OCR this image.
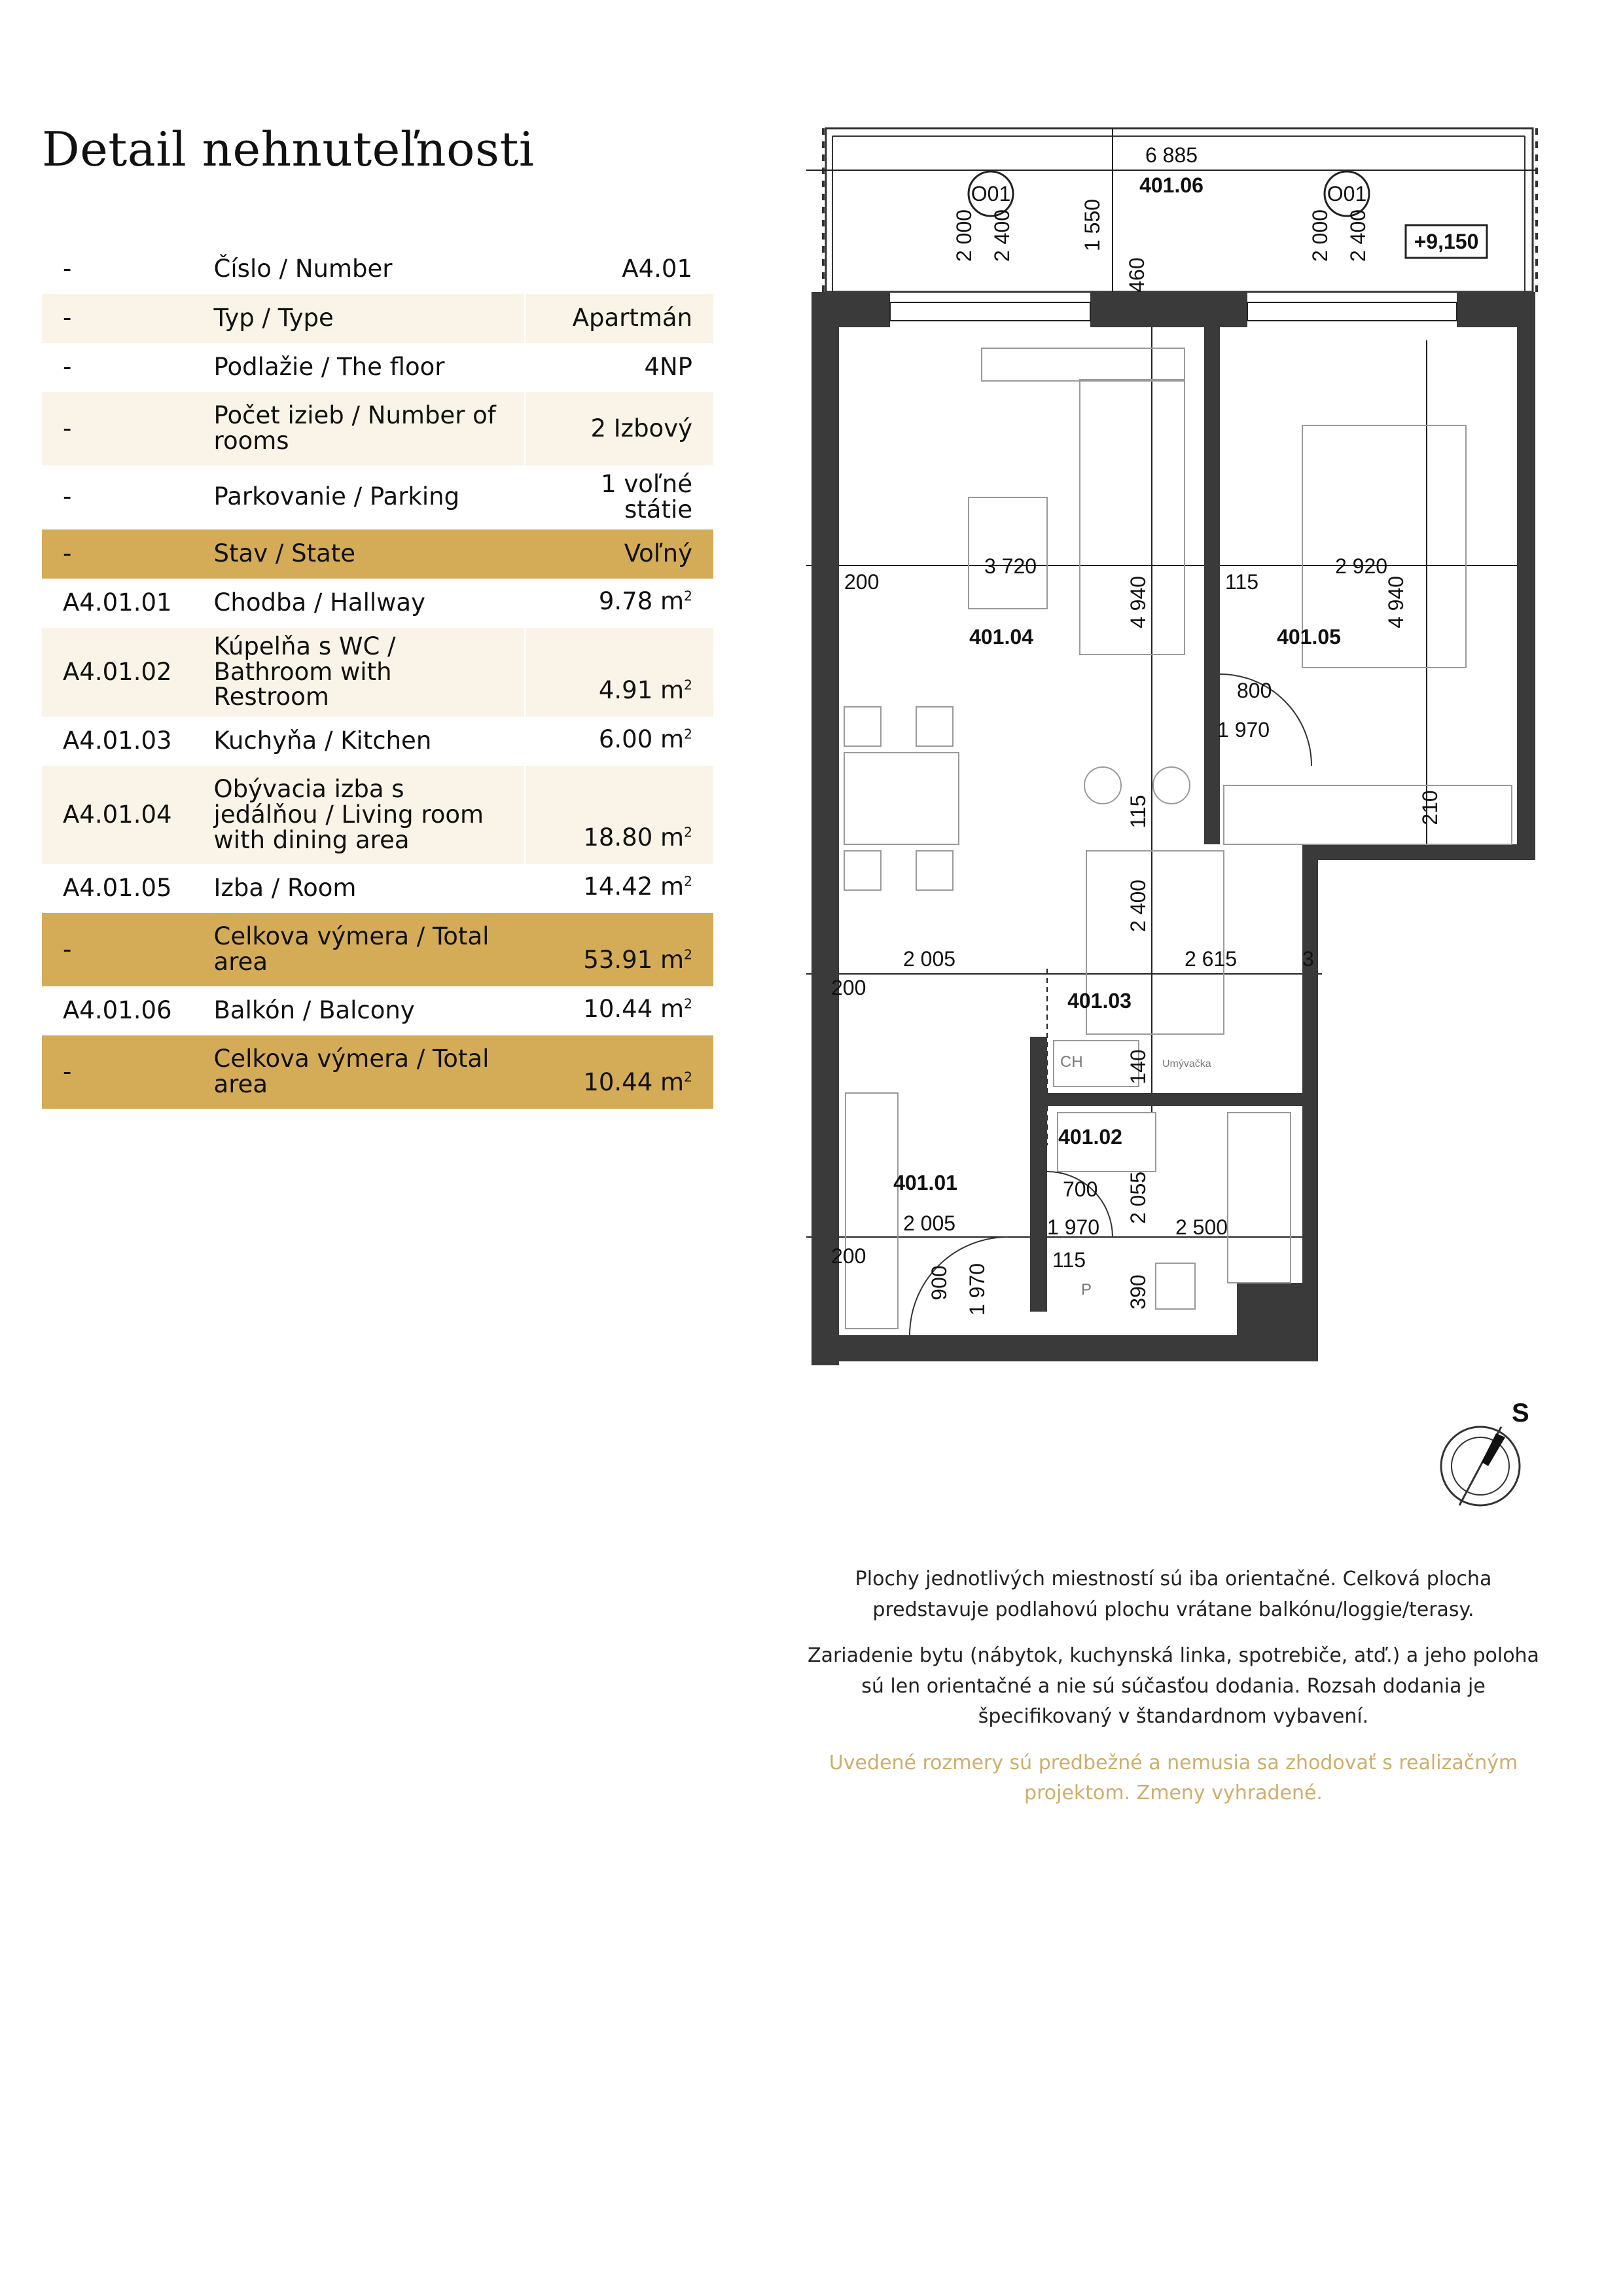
Detail nehnuteľnosti
-	Číslo / Number	A4.01
-	Typ / Type	Apartmán
-	Podlažie / The floor	4NP
-	Počet izieb / Number of rooms	2 Izbový
-	Parkovanie / Parking	1 voľné státie
-	Stav / State	Voľný
A4.01.01	Chodba / Hallway	9.78 $m^2$
A4.01.02	Kúpelňa s WC / Bathroom with Restroom	4.91 $m^2$
A4.01.03	Kuchyňa / Kitchen	6.00 $m^2$
A4.01.04	Obývacia izba s jedálňou / Living room with dining area	18.80 $m^2$
A4.01.05	Izba / Room	14.42 $m^2$
-	Celkova výmera / Total area	53.91 $m^2$
A4.01.06	Balkón / Balcony	10.44 $m^2$
-	Celkova výmera / Total area	10.44 $m^2$
O01	O01
+9,150
6 885
401.06
3 720	2 920
200	115
401.04	401.05
800
1 970
2 005	2 615
200
3
401.03
CH	Umývačka
401.02
401.01	700
2 005	1 970	2 500
200	115
P
1 550
2 000 2 400	2 000 2 400
460
4 940	4 940
210
115
2 400
140
2 055
390
900 1 970
S

Plochy jednotlivých miestností sú iba orientačné. Celková plocha predstavuje podlahovú plochu vrátane balkónu/loggie/terasy.

Zariadenie bytu (nábytok, kuchynská linka, spotrebiče, atď.) a jeho poloha sú len orientačné a nie sú súčasťou dodania. Rozsah dodania je špecifikovaný v štandardnom vybavení.

Uvedené rozmery sú predbežné a nemusia sa zhodovať s realizačným projektom. Zmeny vyhradené.
